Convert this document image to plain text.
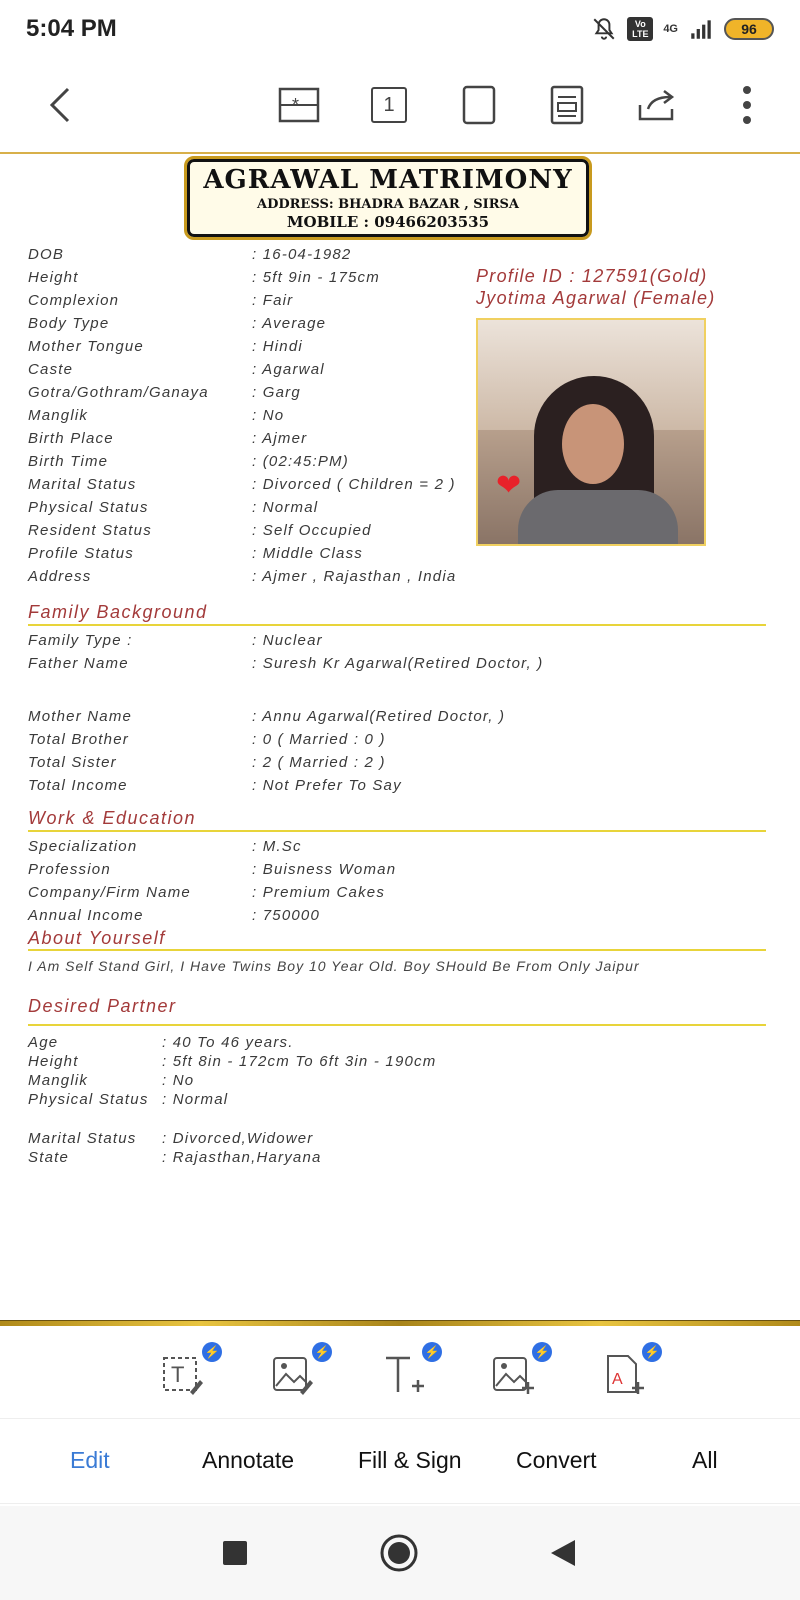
5:04 PM	Vo LTE	4G	96
*	1
AGRAWAL MATRIMONY
ADDRESS: BHADRA BAZAR , SIRSA
MOBILE : 09466203535
Profile ID : 127591(Gold)
Jyotima Agarwal (Female)
❤
DOB	: 16-04-1982
Height	: 5ft 9in - 175cm
Complexion	: Fair
Body Type	: Average
Mother Tongue	: Hindi
Caste	: Agarwal
Gotra/Gothram/Ganaya	: Garg
Manglik	: No
Birth Place	: Ajmer
Birth Time	: (02:45:PM)
Marital Status	: Divorced ( Children = 2 )
Physical Status	: Normal
Resident Status	: Self Occupied
Profile Status	: Middle Class
Address	: Ajmer , Rajasthan , India
Family Background
Family Type :	: Nuclear
Father Name	: Suresh Kr Agarwal(Retired Doctor, )
Mother Name	: Annu Agarwal(Retired Doctor, )
Total Brother	: 0 ( Married : 0 )
Total Sister	: 2 ( Married : 2 )
Total Income	: Not Prefer To Say
Work & Education
Specialization	: M.Sc
Profession	: Buisness Woman
Company/Firm Name	: Premium Cakes
Annual Income	: 750000
About Yourself
I Am Self Stand Girl, I Have Twins Boy 10 Year Old. Boy SHould Be From Only Jaipur
Desired Partner
Age	: 40 To 46 years.
Height	: 5ft 8in - 172cm To 6ft 3in - 190cm
Manglik	: No
Physical Status : Normal
Marital Status : Divorced,Widower
State	: Rajasthan,Haryana
T
⚡	⚡	⚡	⚡
A
⚡
Edit	Annotate	Fill & Sign Convert	All
